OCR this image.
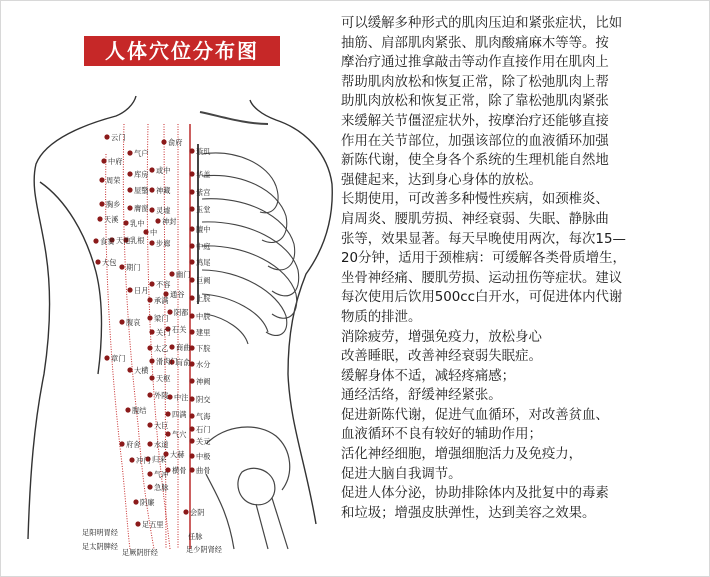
云门
气户
中府
俞府
璇玑
库房 或中	华盖
周荣
屋翳 神藏	紫宫
胸乡 膺窗 灵墟	玉堂
天溪 乳中 神封
中	膻中
食窦 乳根 步廊
天池
中庭
大包
期门
鸠尾
幽门
不容	巨阙
日月
承满
通谷 上脘
梁门
阴都 中脘
腹哀
关门 石关 建里
太乙 商曲 下脘
章门
大横
滑肉门
肓俞 水分
天枢	神阙
外陵 中注 阴交
腹结
大巨
四满 气海
石门
府舍 水道
气穴
关元
冲门 归来
大赫 中极
气冲 横骨 曲骨
急脉
会阴
阴廉
足五里
足阳明胃经
足太阴脾经
足厥阴肝经
任脉
足少阴肾经
人体穴位分布图

可以缓解多种形式的肌肉压迫和紧张症状，比如

抽筋、肩部肌肉紧张、肌肉酸痛麻木等等。按

摩治疗通过推拿敲击等动作直接作用在肌肉上

帮助肌肉放松和恢复正常，除了松弛肌肉上帮

助肌肉放松和恢复正常，除了靠松弛肌肉紧张

来缓解关节僵涩症状外，按摩治疗还能够直接

作用在关节部位，加强该部位的血液循环加强

新陈代谢，使全身各个系统的生理机能自然地

强健起来，达到身心身体的放松。

长期使用，可改善多种慢性疾病，如颈椎炎、

肩周炎、腰肌劳损、神经衰弱、失眠、静脉曲

张等，效果显著。每天早晚使用两次，每次15—

20分钟，适用于颈椎病：可缓解各类骨质增生，

坐骨神经痛、腰肌劳损、运动扭伤等症状。建议

每次使用后饮用500cc白开水，可促进体内代谢

物质的排泄。

消除疲劳，增强免疫力，放松身心

改善睡眠，改善神经衰弱失眠症。

缓解身体不适，减轻疼痛感；

通经活络，舒缓神经紧张。

促进新陈代谢，促进气血循环，对改善贫血、

血液循环不良有较好的辅助作用；

活化神经细胞，增强细胞活力及免疫力，

促进大脑自我调节。

促进人体分泌，协助排除体内及批复中的毒素

和垃圾；增强皮肤弹性，达到美容之效果。
